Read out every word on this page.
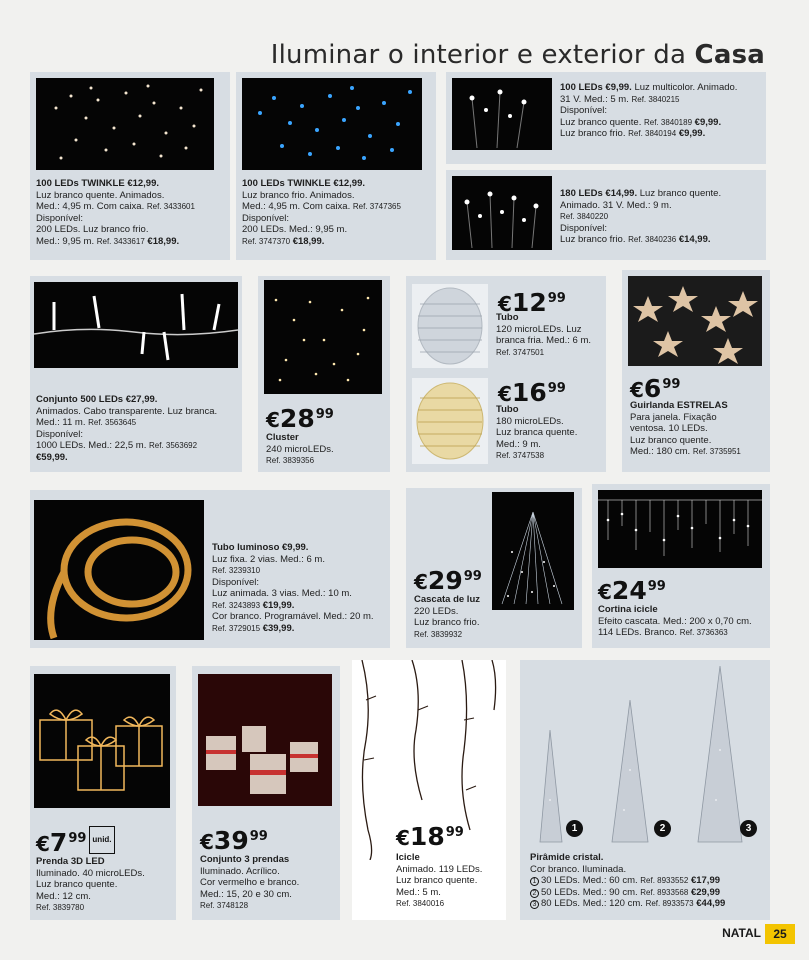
Iluminar o interior e exterior da Casa
100 LEDs TWINKLE €12,99.
Luz branco quente. Animados.
Med.: 4,95 m. Com caixa. Ref. 3433601
Disponível:
200 LEDs. Luz branco frio.
Med.: 9,95 m. Ref. 3433617 €18,99.
100 LEDs TWINKLE €12,99.
Luz branco frio. Animados.
Med.: 4,95 m. Com caixa. Ref. 3747365
Disponível:
200 LEDs. Med.: 9,95 m.
Ref. 3747370 €18,99.
100 LEDs €9,99. Luz multicolor. Animado.
31 V. Med.: 5 m. Ref. 3840215
Disponível:
Luz branco quente. Ref. 3840189 €9,99.
Luz branco frio. Ref. 3840194 €9,99.
180 LEDs €14,99. Luz branco quente.
Animado. 31 V. Med.: 9 m.
Ref. 3840220
Disponível:
Luz branco frio. Ref. 3840236 €14,99.
Conjunto 500 LEDs €27,99.
Animados. Cabo transparente. Luz branca.
Med.: 11 m. Ref. 3563645
Disponível:
1000 LEDs. Med.: 22,5 m. Ref. 3563692
€59,99.
$€28^{99}$
Cluster
240 microLEDs.
Ref. 3839356
$€12^{99}$
Tubo
120 microLEDs. Luz
branca fria. Med.: 6 m.
Ref. 3747501
$€16^{99}$
Tubo
180 microLEDs.
Luz branca quente.
Med.: 9 m.
Ref. 3747538
$€6^{99}$
Guirlanda ESTRELAS
Para janela. Fixação
ventosa. 10 LEDs.
Luz branco quente.
Med.: 180 cm. Ref. 3735951
Tubo luminoso €9,99.
Luz fixa. 2 vias. Med.: 6 m.
Ref. 3239310
Disponível:
Luz animada. 3 vias. Med.: 10 m.
Ref. 3243893 €19,99.
Cor branco. Programável. Med.: 20 m.
Ref. 3729015 €39,99.
$€29^{99}$
Cascata de luz
220 LEDs.
Luz branco frio.
Ref. 3839932
$€24^{99}$
Cortina icicle
Efeito cascata. Med.: 200 x 0,70 cm.
114 LEDs. Branco. Ref. 3736363
$€7^{99}$ unid.
Prenda 3D LED
Iluminado. 40 microLEDs.
Luz branco quente.
Med.: 12 cm.
Ref. 3839780
$€39^{99}$
Conjunto 3 prendas
Iluminado. Acrílico.
Cor vermelho e branco.
Med.: 15, 20 e 30 cm.
Ref. 3748128
$€18^{99}$
Icicle
Animado. 119 LEDs.
Luz branco quente.
Med.: 5 m.
Ref. 3840016
1	2	3
Pirâmide cristal.
Cor branco. Iluminada.
1 30 LEDs. Med.: 60 cm. Ref. 8933552 €17,99
2 50 LEDs. Med.: 90 cm. Ref. 8933568 €29,99
3 80 LEDs. Med.: 120 cm. Ref. 8933573 €44,99
NATAL	25
